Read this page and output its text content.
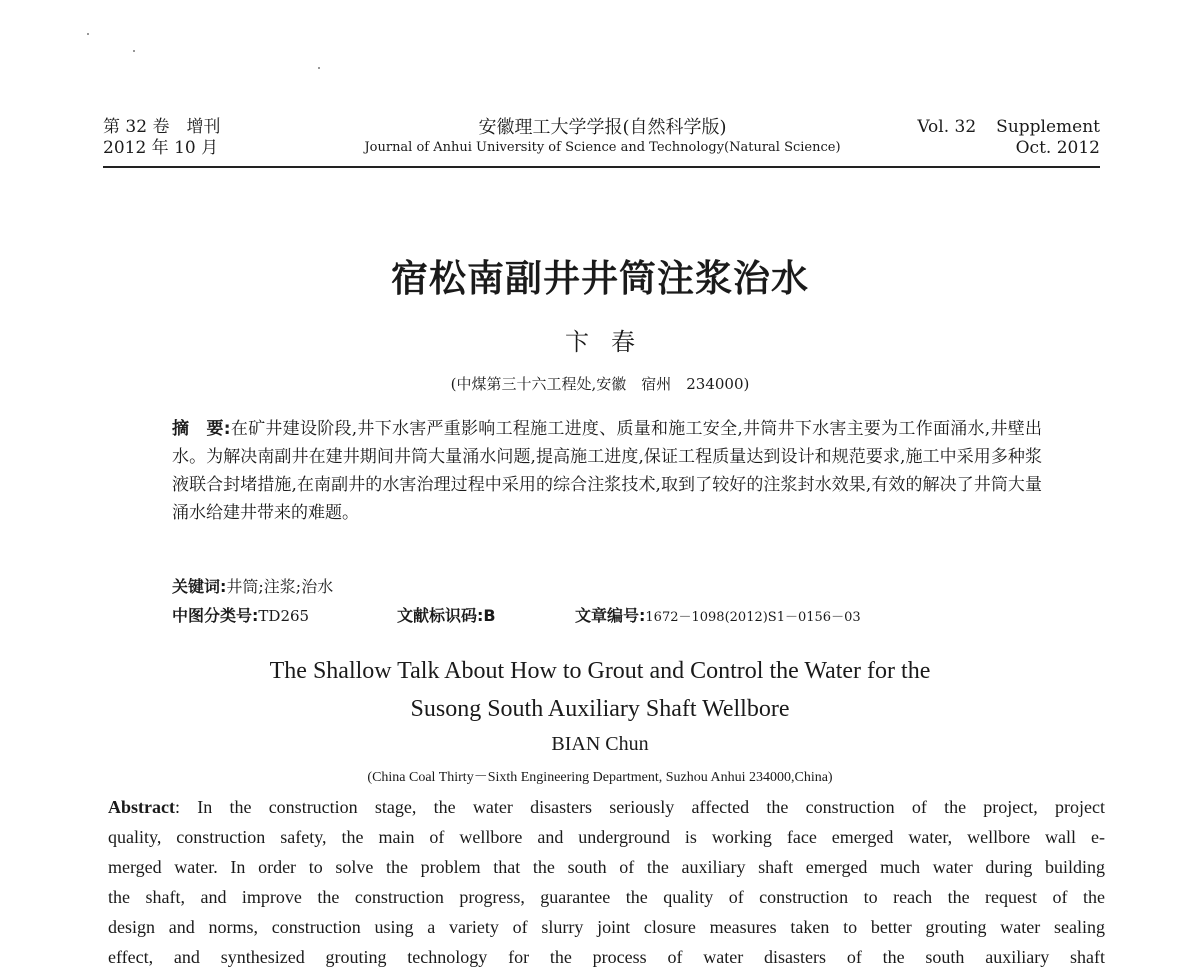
第 32 卷　增刊
2012 年 10 月
安徽理工大学学报(自然科学版)
Journal of Anhui University of Science and Technology(Natural Science)
Vol. 32 Supplement
Oct. 2012
宿松南副井井筒注浆治水
卞春
(中煤第三十六工程处,安徽　宿州　234000)
摘　要:在矿井建设阶段,井下水害严重影响工程施工进度、质量和施工安全,井筒井下水害主要为工作面涌水,井壁出水。为解决南副井在建井期间井筒大量涌水问题,提高施工进度,保证工程质量达到设计和规范要求,施工中采用多种浆液联合封堵措施,在南副井的水害治理过程中采用的综合注浆技术,取到了较好的注浆封水效果,有效的解决了井筒大量涌水给建井带来的难题。
关键词:井筒;注浆;治水
中图分类号:TD265	文献标识码:B	文章编号:1672－1098(2012)S1－0156－03
The Shallow Talk About How to Grout and Control the Water for the
Susong South Auxiliary Shaft Wellbore
BIAN Chun
(China Coal Thirty－Sixth Engineering Department, Suzhou Anhui 234000,China)
Abstract: In the construction stage, the water disasters seriously affected the construction of the project, project
quality, construction safety, the main of wellbore and underground is working face emerged water, wellbore wall e-
merged water. In order to solve the problem that the south of the auxiliary shaft emerged much water during building
the shaft, and improve the construction progress, guarantee the quality of construction to reach the request of the
design and norms, construction using a variety of slurry joint closure measures taken to better grouting water sealing
effect, and synthesized grouting technology for the process of water disasters of the south auxiliary shaft
